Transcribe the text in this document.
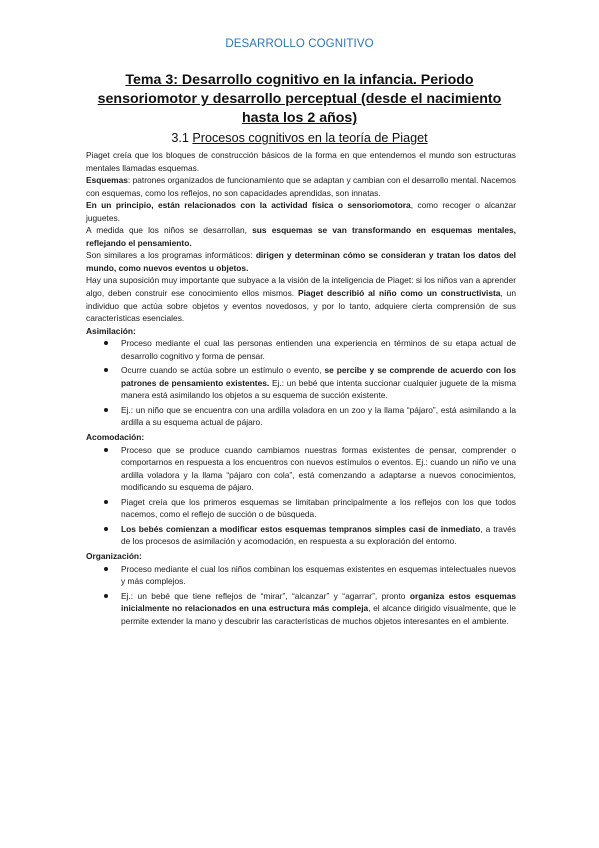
DESARROLLO COGNITIVO
Tema 3: Desarrollo cognitivo en la infancia. Periodo
sensoriomotor y desarrollo perceptual (desde el nacimiento
hasta los 2 años)
3.1 Procesos cognitivos en la teoría de Piaget

Piaget creía que los bloques de construcción básicos de la forma en que entendemos el mundo son estructuras mentales llamadas esquemas.

Esquemas: patrones organizados de funcionamiento que se adaptan y cambian con el desarrollo mental. Nacemos con esquemas, como los reflejos, no son capacidades aprendidas, son innatas.

En un principio, están relacionados con la actividad física o sensoriomotora, como recoger o alcanzar juguetes.

A medida que los niños se desarrollan, sus esquemas se van transformando en esquemas mentales, reflejando el pensamiento.

Son similares a los programas informáticos: dirigen y determinan cómo se consideran y tratan los datos del mundo, como nuevos eventos u objetos.

Hay una suposición muy importante que subyace a la visión de la inteligencia de Piaget: si los niños van a aprender algo, deben construir ese conocimiento ellos mismos. Piaget describió al niño como un constructivista, un individuo que actúa sobre objetos y eventos novedosos, y por lo tanto, adquiere cierta comprensión de sus características esenciales.

Asimilación:

Proceso mediante el cual las personas entienden una experiencia en términos de su etapa actual de desarrollo cognitivo y forma de pensar.
Ocurre cuando se actúa sobre un estímulo o evento, se percibe y se comprende de acuerdo con los patrones de pensamiento existentes. Ej.: un bebé que intenta succionar cualquier juguete de la misma manera está asimilando los objetos a su esquema de succión existente.
Ej.: un niño que se encuentra con una ardilla voladora en un zoo y la llama “pájaro”, está asimilando a la ardilla a su esquema actual de pájaro.

Acomodación:

Proceso que se produce cuando cambiamos nuestras formas existentes de pensar, comprender o comportarnos en respuesta a los encuentros con nuevos estímulos o eventos. Ej.: cuando un niño ve una ardilla voladora y la llama “pájaro con cola”, está comenzando a adaptarse a nuevos conocimientos, modificando su esquema de pájaro.
Piaget creía que los primeros esquemas se limitaban principalmente a los reflejos con los que todos nacemos, como el reflejo de succión o de búsqueda.
Los bebés comienzan a modificar estos esquemas tempranos simples casi de inmediato, a través de los procesos de asimilación y acomodación, en respuesta a su exploración del entorno.

Organización:

Proceso mediante el cual los niños combinan los esquemas existentes en esquemas intelectuales nuevos y más complejos.
Ej.: un bebé que tiene reflejos de “mirar”, “alcanzar” y “agarrar”, pronto organiza estos esquemas inicialmente no relacionados en una estructura más compleja, el alcance dirigido visualmente, que le permite extender la mano y descubrir las características de muchos objetos interesantes en el ambiente.
